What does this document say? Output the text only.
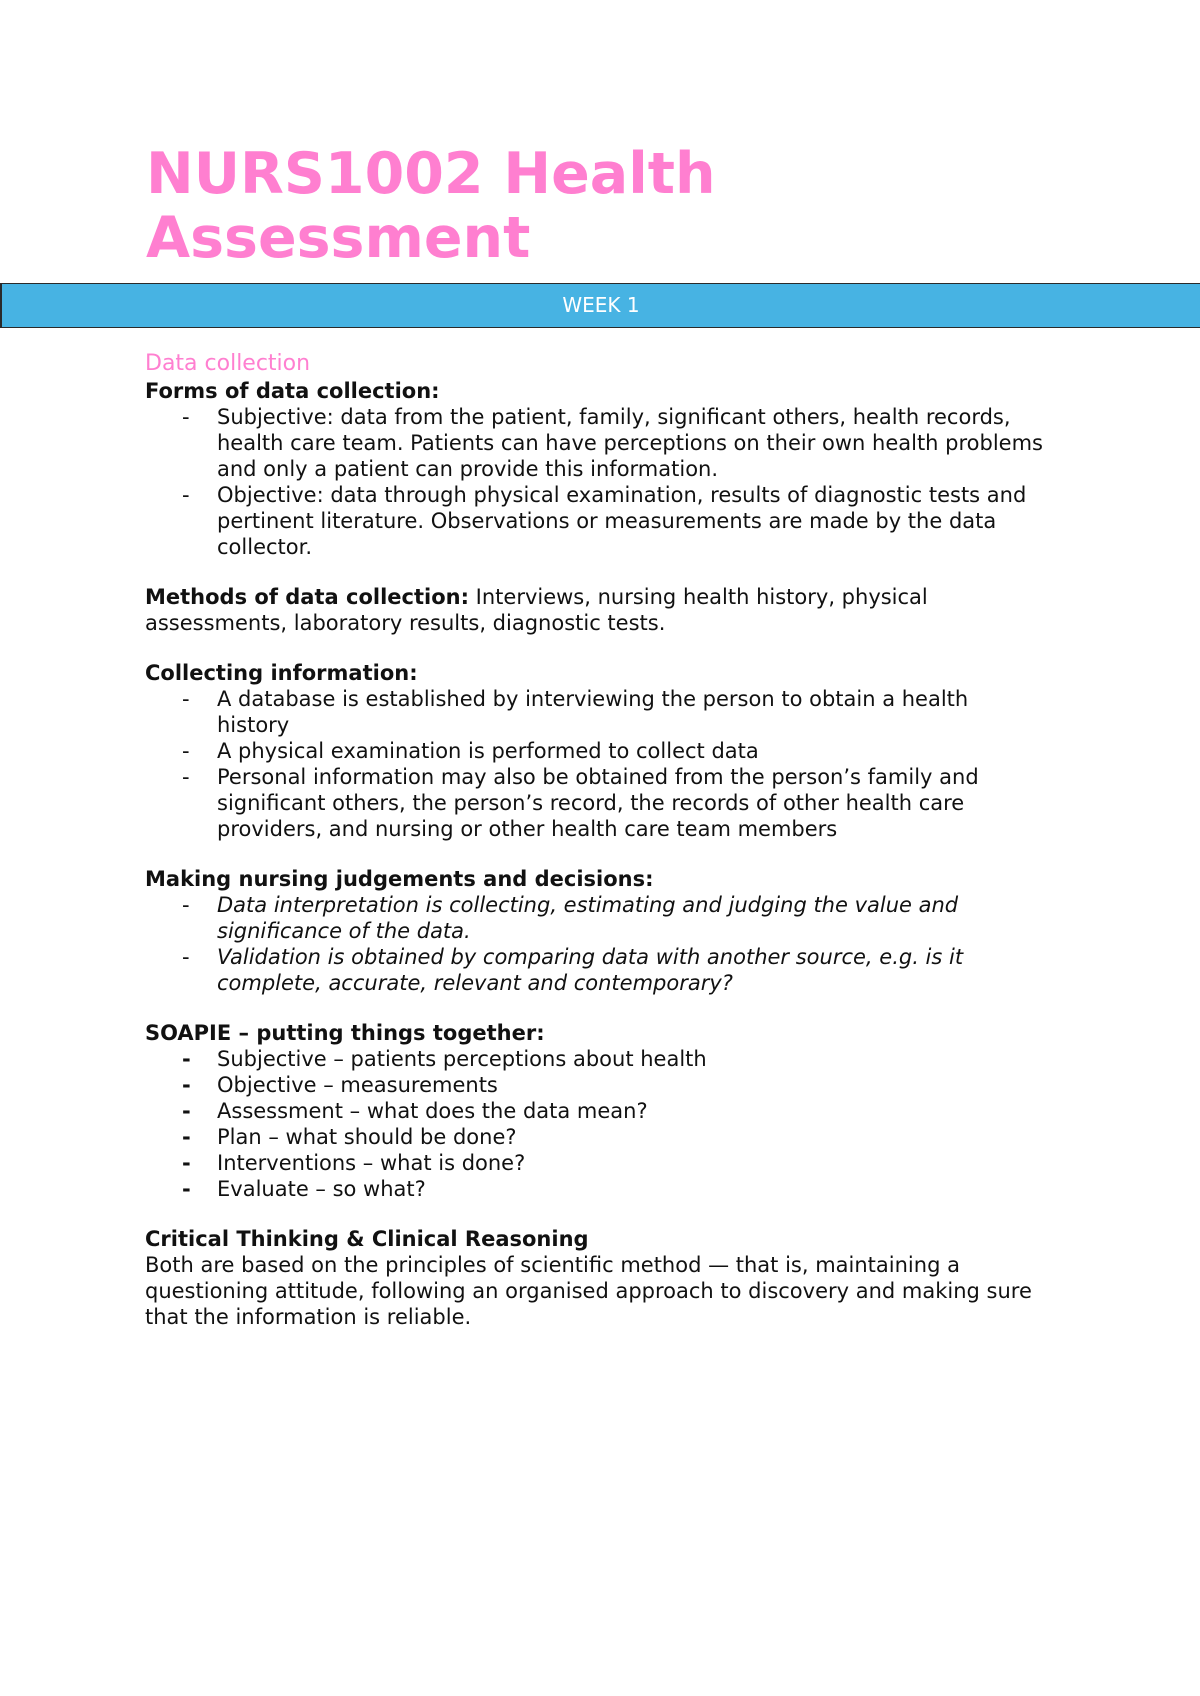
NURS1002 Health
Assessment
WEEK 1
Data collection

Forms of data collection:

- Subjective: data from the patient, family, significant others, health records, health care team. Patients can have perceptions on their own health problems and only a patient can provide this information.
- Objective: data through physical examination, results of diagnostic tests and pertinent literature. Observations or measurements are made by the data collector.

Methods of data collection: Interviews, nursing health history, physical assessments, laboratory results, diagnostic tests.

Collecting information:

- A database is established by interviewing the person to obtain a health history
- A physical examination is performed to collect data
- Personal information may also be obtained from the person’s family and significant others, the person’s record, the records of other health care providers, and nursing or other health care team members

Making nursing judgements and decisions:

- Data interpretation is collecting, estimating and judging the value and significance of the data.
- Validation is obtained by comparing data with another source, e.g. is it complete, accurate, relevant and contemporary?

SOAPIE – putting things together:

- Subjective – patients perceptions about health
- Objective – measurements
- Assessment – what does the data mean?
- Plan – what should be done?
- Interventions – what is done?
- Evaluate – so what?

Critical Thinking & Clinical Reasoning

Both are based on the principles of scientific method — that is, maintaining a questioning attitude, following an organised approach to discovery and making sure that the information is reliable.
